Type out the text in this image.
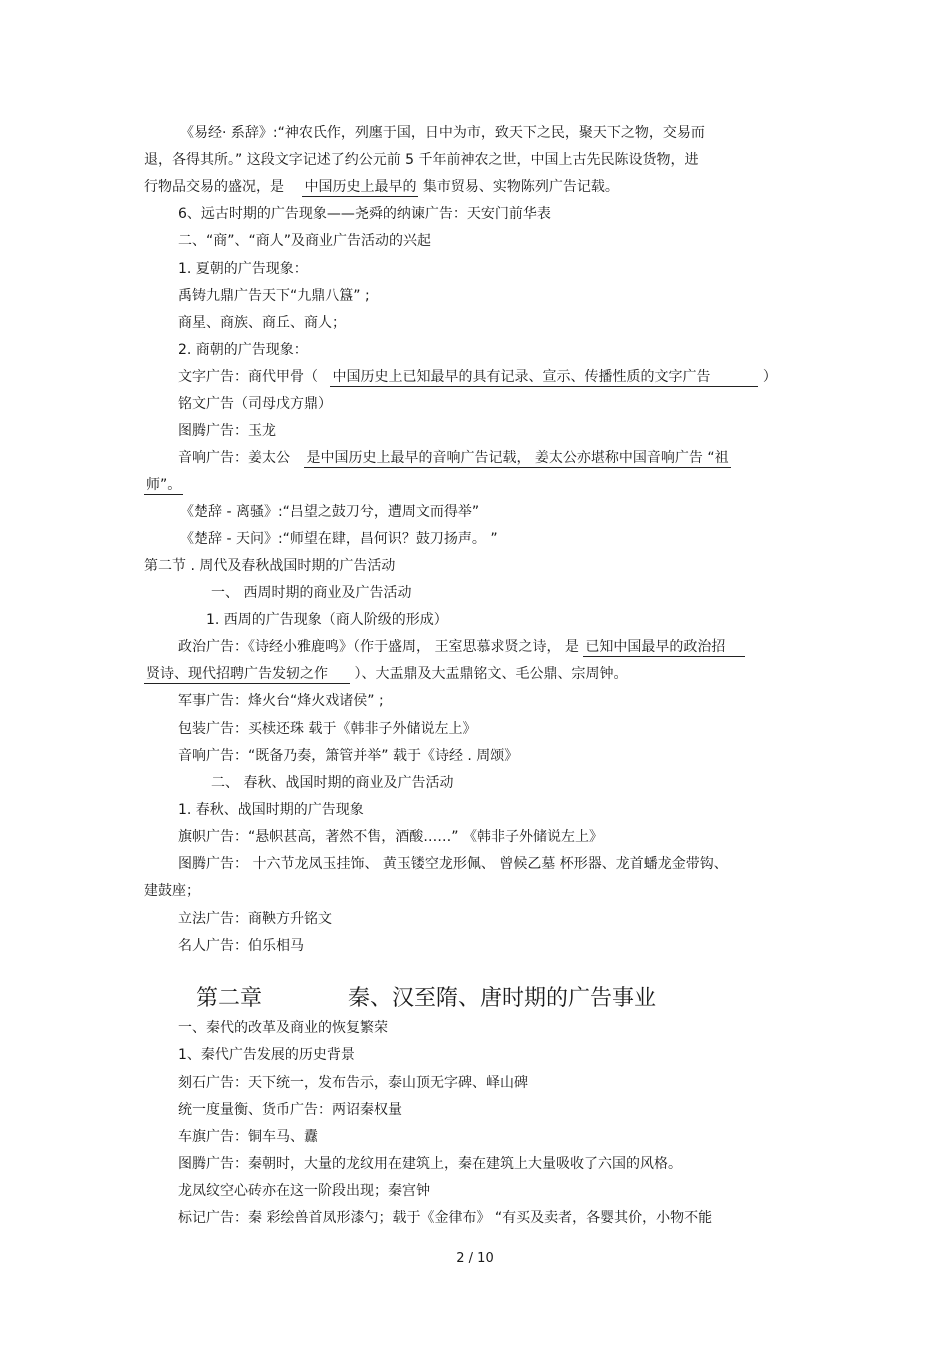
《易经· 系辞》:“神农氏作，列廛于国，日中为市，致天下之民，聚天下之物，交易而
退，各得其所。” 这段文字记述了约公元前 5 千年前神农之世，中国上古先民陈设货物，进
行物品交易的盛况，是 中国历史上最早的 集市贸易、实物陈列广告记载。
6、远古时期的广告现象——尧舜的纳谏广告：天安门前华表
二、“商”、“商人”及商业广告活动的兴起
1. 夏朝的广告现象：
禹铸九鼎广告天下“九鼎八簋” ;
商星、商族、商丘、商人；
2. 商朝的广告现象：
文字广告：商代甲骨（ 中国历史上已知最早的具有记录、宣示、传播性质的文字广告	）
铭文广告（司母戊方鼎）
图腾广告：玉龙
音响广告：姜太公 是中国历史上最早的音响广告记载， 姜太公亦堪称中国音响广告 “祖
师”。
《楚辞 - 离骚》:“吕望之鼓刀兮，遭周文而得举”
《楚辞 - 天问》:“师望在肆，昌何识？鼓刀扬声。 ”
第二节 . 周代及春秋战国时期的广告活动
一、 西周时期的商业及广告活动
1. 西周的广告现象（商人阶级的形成）
政治广告：《诗经小雅鹿鸣》（作于盛周， 王室思慕求贤之诗， 是 已知中国最早的政治招
贤诗、现代招聘广告发轫之作 ）、大盂鼎及大盂鼎铭文、毛公鼎、宗周钟。
军事广告：烽火台“烽火戏诸侯” ;
包装广告：买椟还珠 载于《韩非子外储说左上》
音响广告：“既备乃奏，箫管并举” 载于《诗经 . 周颂》
二、 春秋、战国时期的商业及广告活动
1. 春秋、战国时期的广告现象
旗帜广告：“悬帜甚高，著然不售，酒酸……” 《韩非子外储说左上》
图腾广告： 十六节龙凤玉挂饰、 黄玉镂空龙形佩、 曾候乙墓 杯形器、龙首蟠龙金带钩、
建鼓座；
立法广告：商鞅方升铭文
名人广告：伯乐相马
第二章	秦、汉至隋、唐时期的广告事业
一、秦代的改革及商业的恢复繁荣
1、秦代广告发展的历史背景
刻石广告：天下统一，发布告示，泰山顶无字碑、峄山碑
统一度量衡、货币广告：两诏秦权量
车旗广告：铜车马、纛
图腾广告：秦朝时，大量的龙纹用在建筑上，秦在建筑上大量吸收了六国的风格。
龙凤纹空心砖亦在这一阶段出现；秦宫钟
标记广告：秦 彩绘兽首凤形漆勺；载于《金律布》 “有买及卖者，各婴其价，小物不能
2 / 10
